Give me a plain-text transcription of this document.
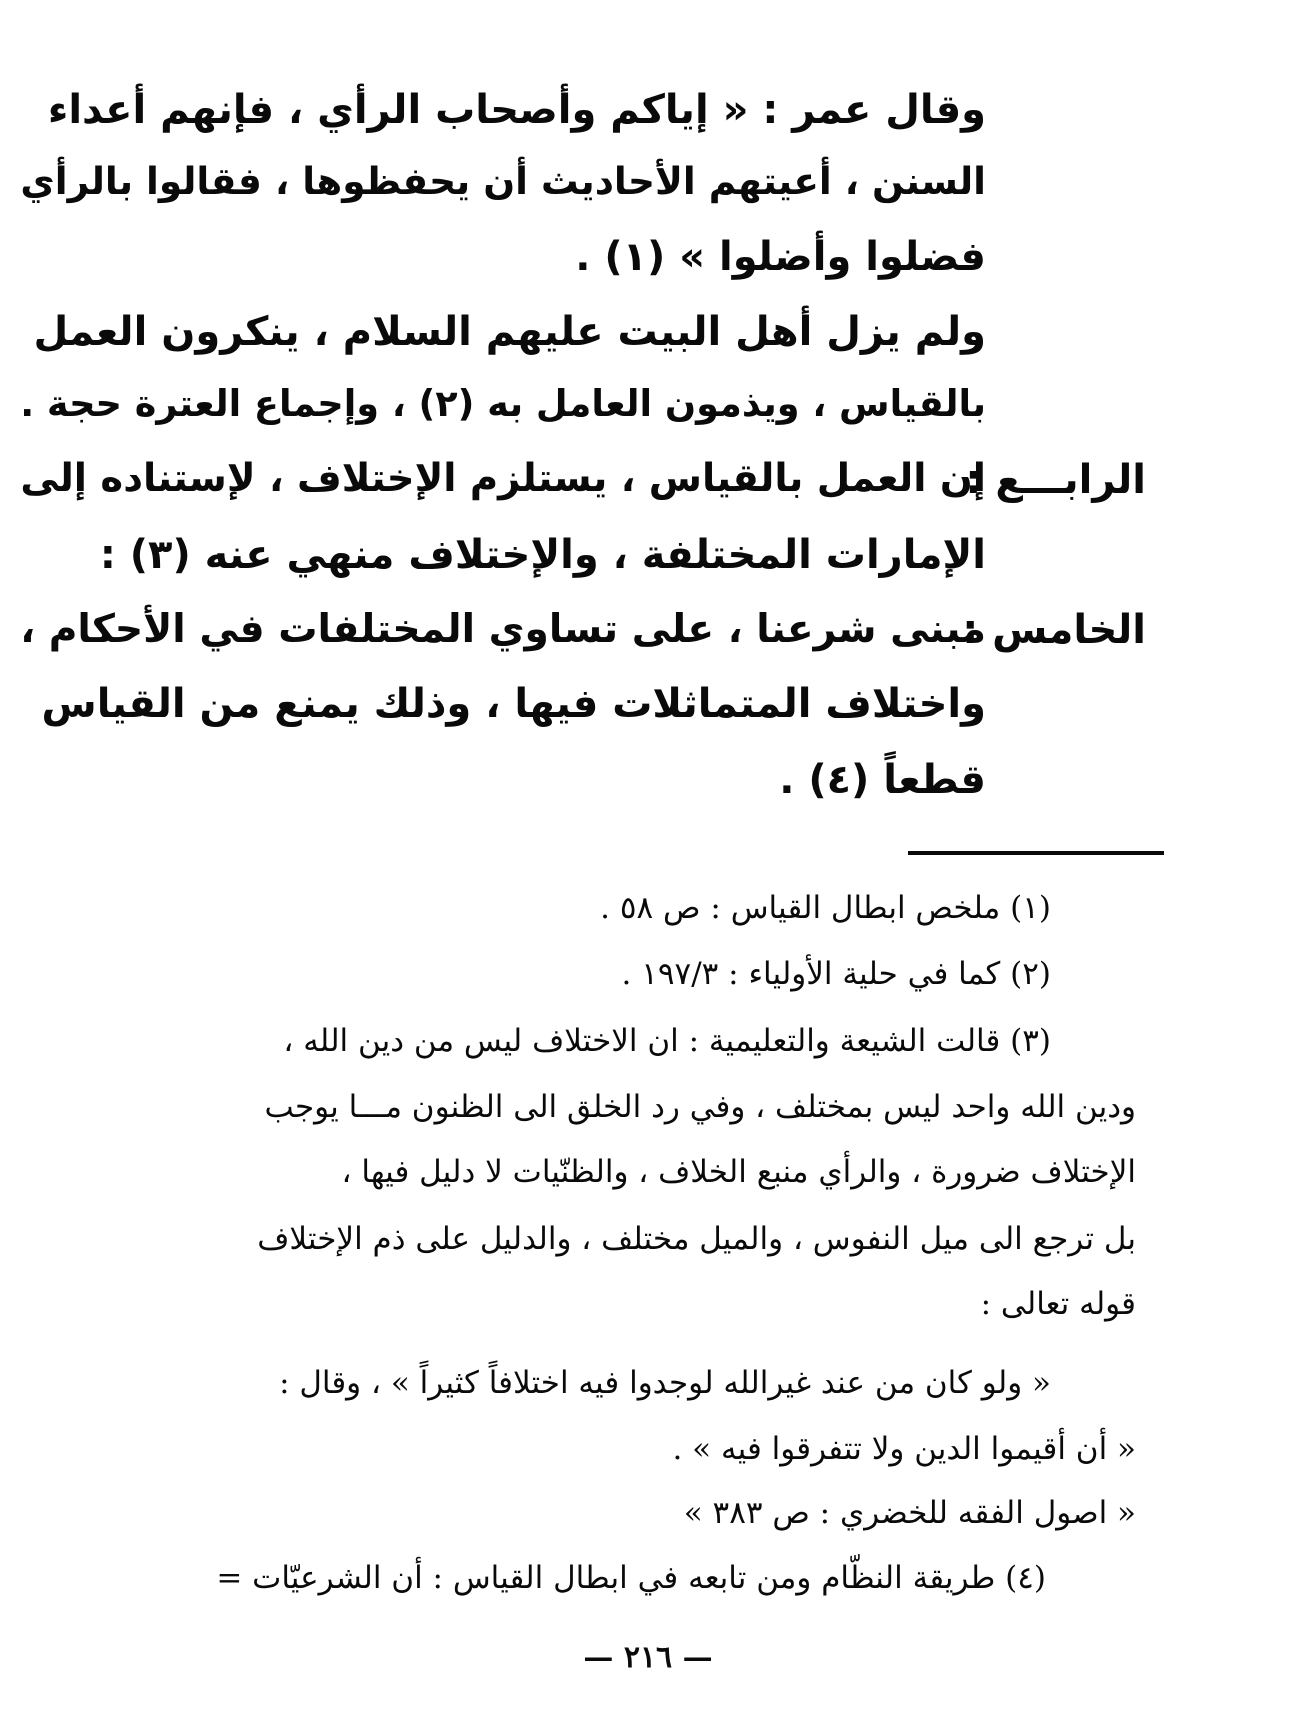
وقال عمر : « إياكم وأصحاب الرأي ، فإنهم أعداء
السنن ، أعيتهم الأحاديث أن يحفظوها ، فقالوا بالرأي
فضلوا وأضلوا » (١) .
ولم يزل أهل البيت عليهم السلام ، ينكرون العمل
بالقياس ، ويذمون العامل به (٢) ، وإجماع العترة حجة .
الرابـــع :
إن العمل بالقياس ، يستلزم الإختلاف ، لإستناده إلى
الإمارات المختلفة ، والإختلاف منهي عنه (٣) :
الخامس :
مبنى شرعنا ، على تساوي المختلفات في الأحكام ،
واختلاف المتماثلات فيها ، وذلك يمنع من القياس
قطعاً (٤) .
(١) ملخص ابطال القياس : ص ٥٨ .
(٢) كما في حلية الأولياء : ١٩٧/٣ .
(٣) قالت الشيعة والتعليمية : ان الاختلاف ليس من دين الله ،
ودين الله واحد ليس بمختلف ، وفي رد الخلق الى الظنون مـــا يوجب
الإختلاف ضرورة ، والرأي منبع الخلاف ، والظنّيات لا دليل فيها ،
بل ترجع الى ميل النفوس ، والميل مختلف ، والدليل على ذم الإختلاف
قوله تعالى :
« ولو كان من عند غيرالله لوجدوا فيه اختلافاً كثيراً » ، وقال :
« أن أقيموا الدين ولا تتفرقوا فيه » .
« اصول الفقه للخضري : ص ٣٨٣ »
(٤) طريقة النظّام ومن تابعه في ابطال القياس : أن الشرعيّات =
— ٢١٦ —
